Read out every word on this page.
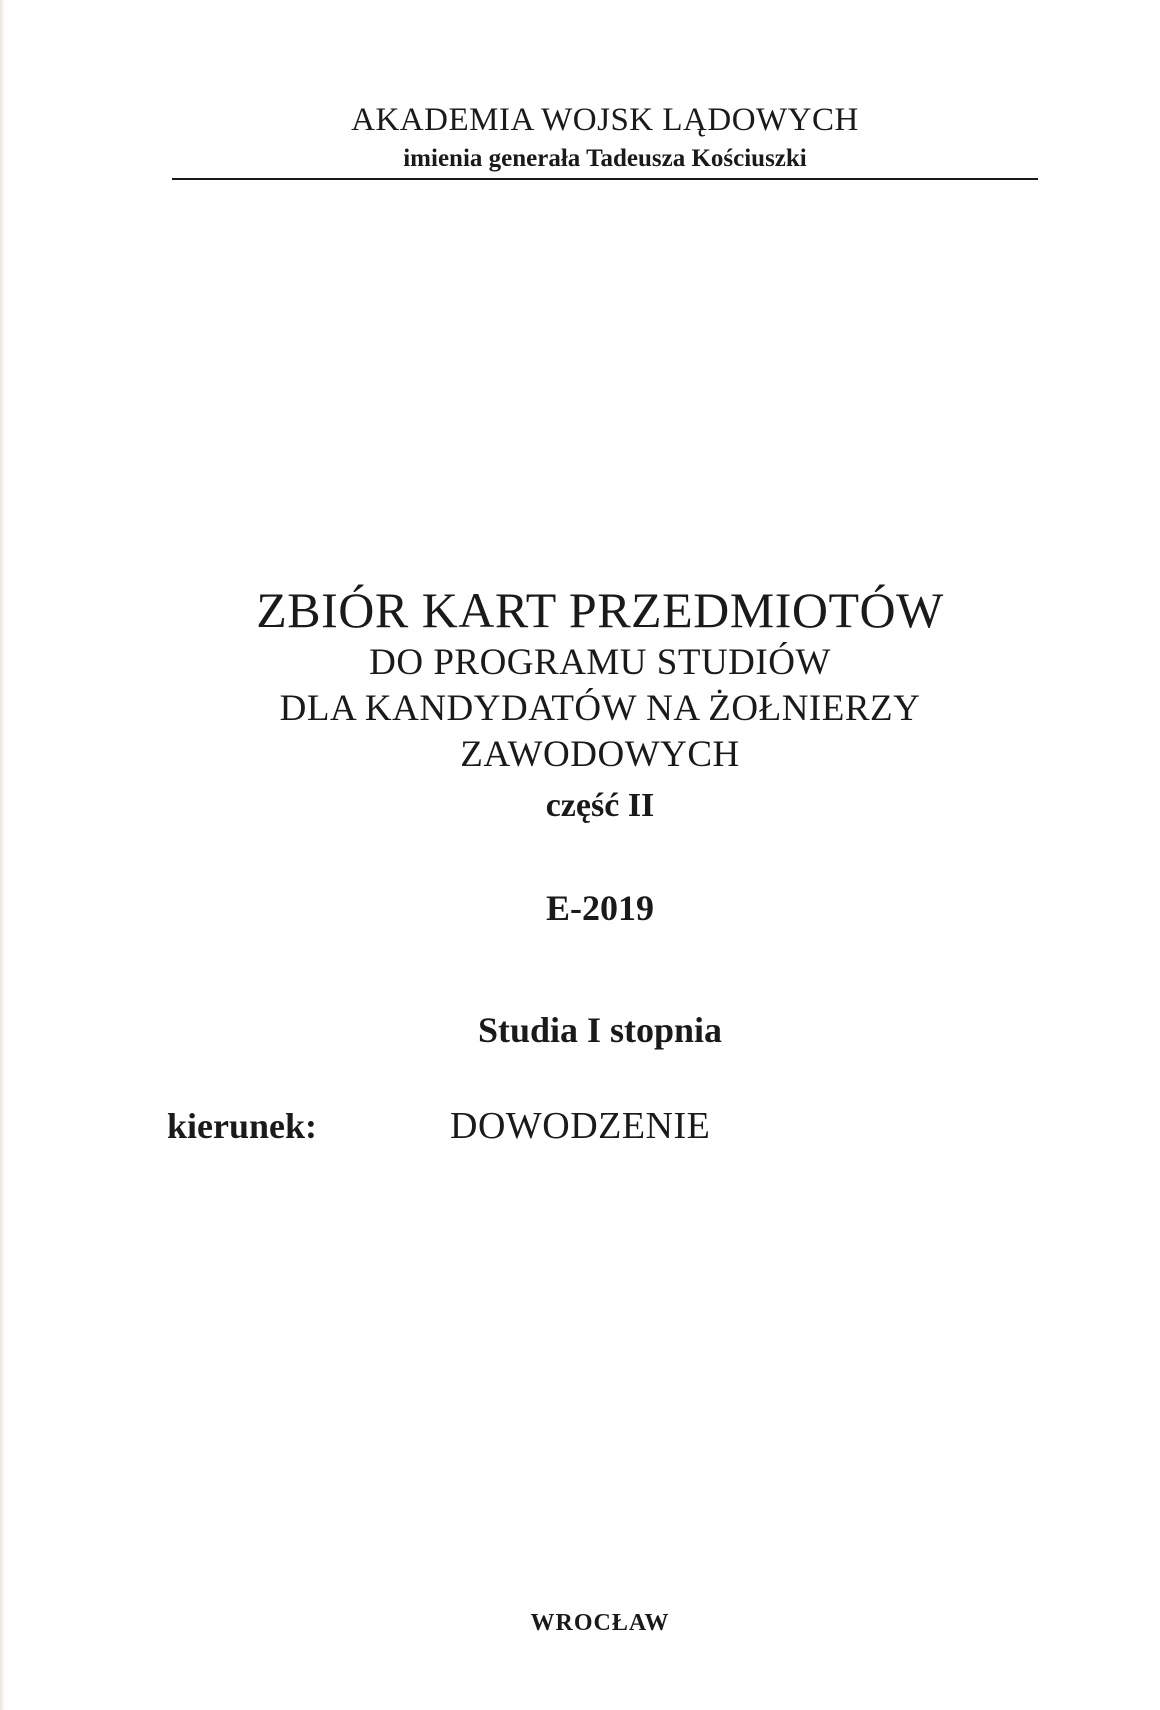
AKADEMIA WOJSK LĄDOWYCH

imienia generała Tadeusza Kościuszki

ZBIÓR KART PRZEDMIOTÓW

DO PROGRAMU STUDIÓW

DLA KANDYDATÓW NA ŻOŁNIERZY

ZAWODOWYCH

część II

E-2019
Studia I stopnia
kierunek:	DOWODZENIE
WROCŁAW
